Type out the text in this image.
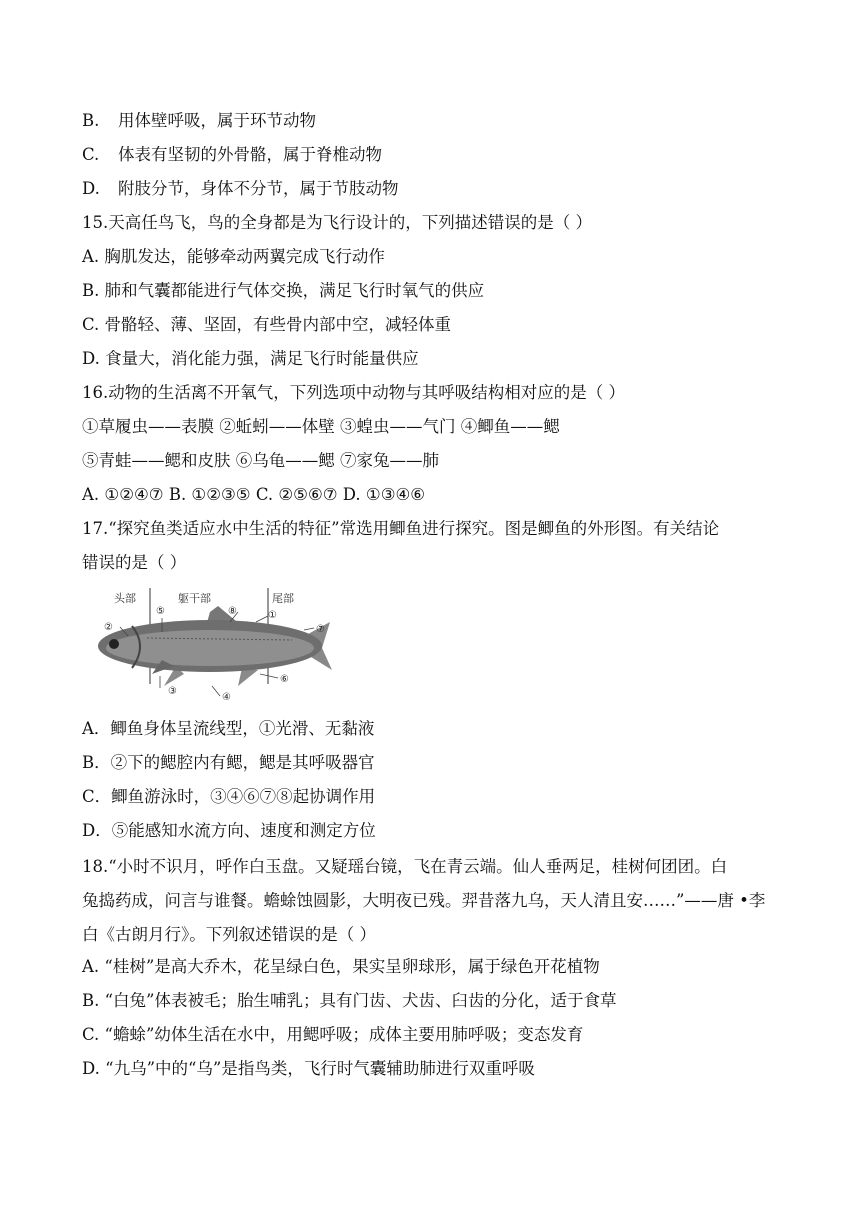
B. 用体壁呼吸，属于环节动物
C. 体表有坚韧的外骨骼，属于脊椎动物
D. 附肢分节，身体不分节，属于节肢动物
15.天高任鸟飞，鸟的全身都是为飞行设计的，下列描述错误的是（ ）
A. 胸肌发达，能够牵动两翼完成飞行动作
B. 肺和气囊都能进行气体交换，满足飞行时氧气的供应
C. 骨骼轻、薄、坚固，有些骨内部中空，减轻体重
D. 食量大，消化能力强，满足飞行时能量供应
16.动物的生活离不开氧气，下列选项中动物与其呼吸结构相对应的是（ ）
①草履虫——表膜 ②蚯蚓——体壁 ③蝗虫——气门 ④鲫鱼——鳃
⑤青蛙——鳃和皮肤 ⑥乌龟——鳃 ⑦家兔——肺
A. ①②④⑦ B. ①②③⑤ C. ②⑤⑥⑦ D. ①③④⑥
17.“探究鱼类适应水中生活的特征”常选用鲫鱼进行探究。图是鲫鱼的外形图。有关结论
错误的是（ ）
头部	躯干部	尾部
②
⑤
③
④
⑧	①
⑦
⑥
A．鲫鱼身体呈流线型，①光滑、无黏液
B．②下的鳃腔内有鳃，鳃是其呼吸器官
C．鲫鱼游泳时，③④⑥⑦⑧起协调作用
D．⑤能感知水流方向、速度和测定方位
18.“小时不识月，呼作白玉盘。又疑瑶台镜，飞在青云端。仙人垂两足，桂树何团团。白
兔捣药成，问言与谁餐。蟾蜍蚀圆影，大明夜已残。羿昔落九乌，天人清且安……”——唐 •李
白《古朗月行》。下列叙述错误的是（ ）
A. “桂树”是高大乔木，花呈绿白色，果实呈卵球形，属于绿色开花植物
B. “白兔”体表被毛；胎生哺乳；具有门齿、犬齿、臼齿的分化，适于食草
C. “蟾蜍”幼体生活在水中，用鳃呼吸；成体主要用肺呼吸；变态发育
D. “九乌”中的“乌”是指鸟类，飞行时气囊辅助肺进行双重呼吸
